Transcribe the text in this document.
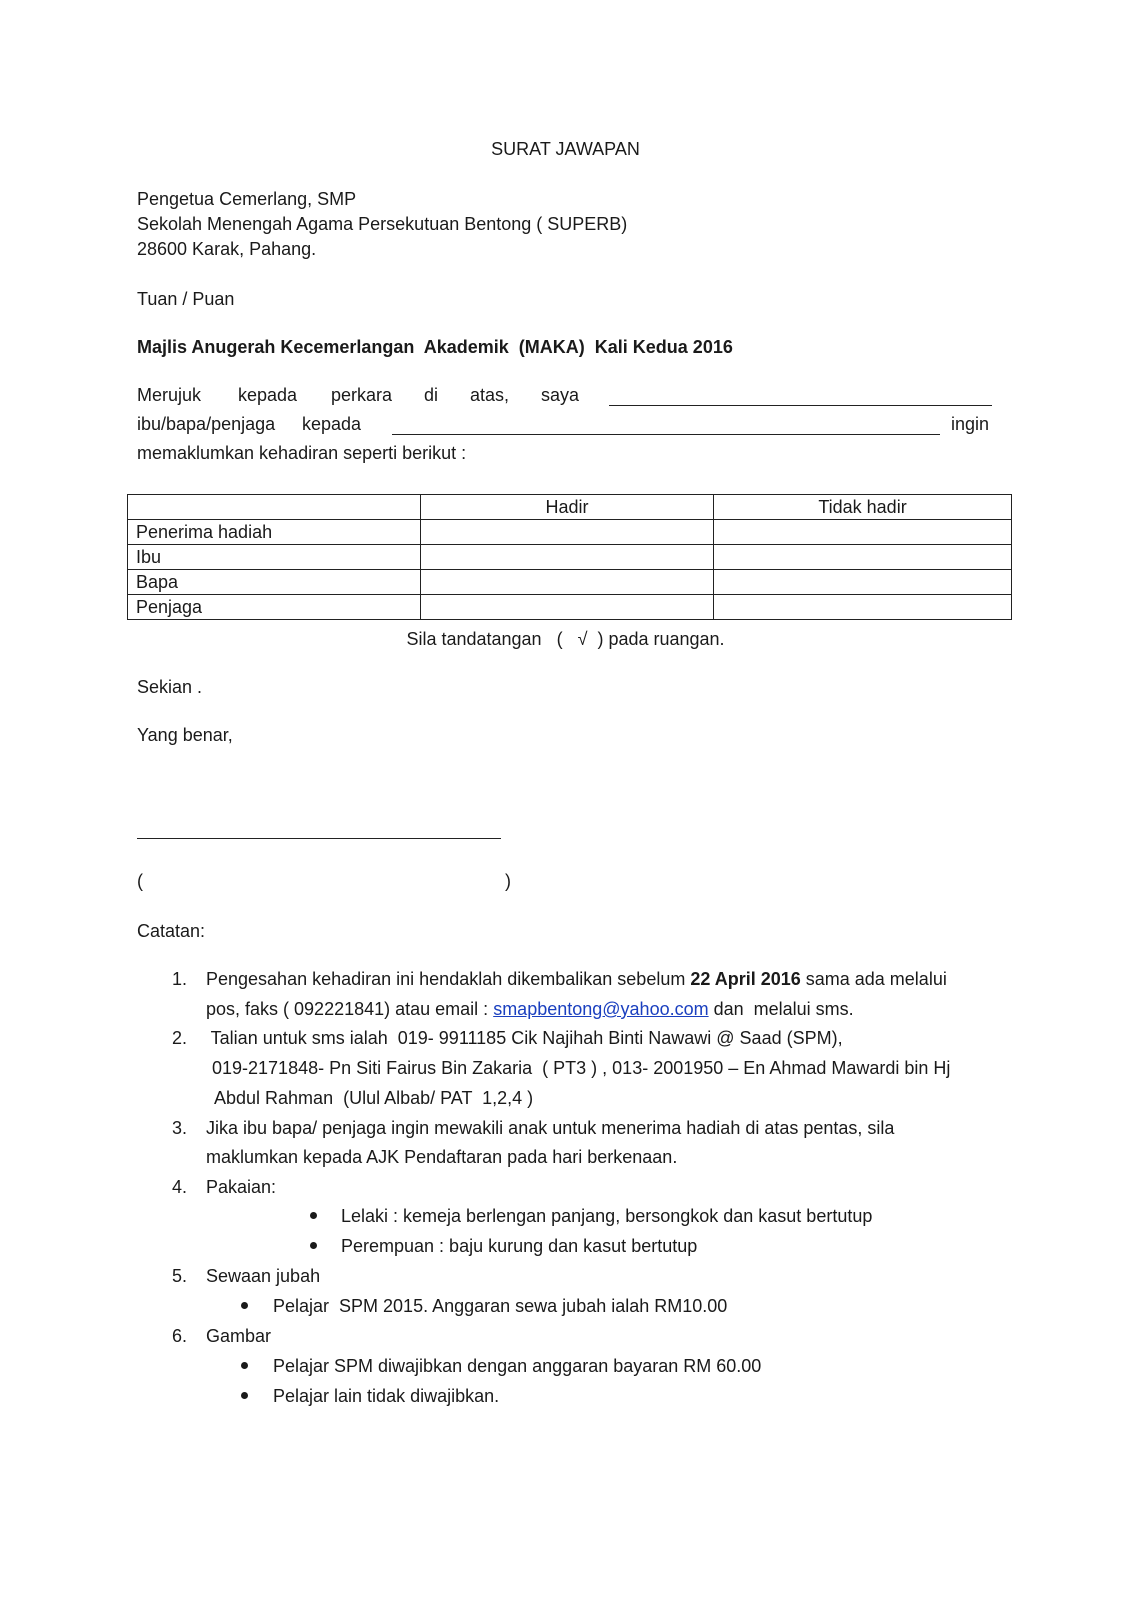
SURAT JAWAPAN
Pengetua Cemerlang, SMP
Sekolah Menengah Agama Persekutuan Bentong ( SUPERB)
28600 Karak, Pahang.
Tuan / Puan
Majlis Anugerah Kecemerlangan  Akademik  (MAKA)  Kali Kedua 2016
Merujuk kepada perkara di atas, saya
ibu/bapa/penjaga kepada	ingin
memaklumkan kehadiran seperti berikut :
	Hadir	Tidak hadir
Penerima hadiah		
Ibu		
Bapa		
Penjaga		
Sila tandatangan   (   √  ) pada ruangan.
Sekian .
Yang benar,
(	)
Catatan:
1. Pengesahan kehadiran ini hendaklah dikembalikan sebelum 22 April 2016 sama ada melalui
pos, faks ( 092221841) atau email : smapbentong@yahoo.com dan  melalui sms.
2. Talian untuk sms ialah  019- 9911185 Cik Najihah Binti Nawawi @ Saad (SPM),
019-2171848- Pn Siti Fairus Bin Zakaria  ( PT3 ) , 013- 2001950 – En Ahmad Mawardi bin Hj
Abdul Rahman  (Ulul Albab/ PAT  1,2,4 )
3. Jika ibu bapa/ penjaga ingin mewakili anak untuk menerima hadiah di atas pentas, sila
maklumkan kepada AJK Pendaftaran pada hari berkenaan.
4. Pakaian:
Lelaki : kemeja berlengan panjang, bersongkok dan kasut bertutup
Perempuan : baju kurung dan kasut bertutup
5. Sewaan jubah
Pelajar  SPM 2015. Anggaran sewa jubah ialah RM10.00
6. Gambar
Pelajar SPM diwajibkan dengan anggaran bayaran RM 60.00
Pelajar lain tidak diwajibkan.
